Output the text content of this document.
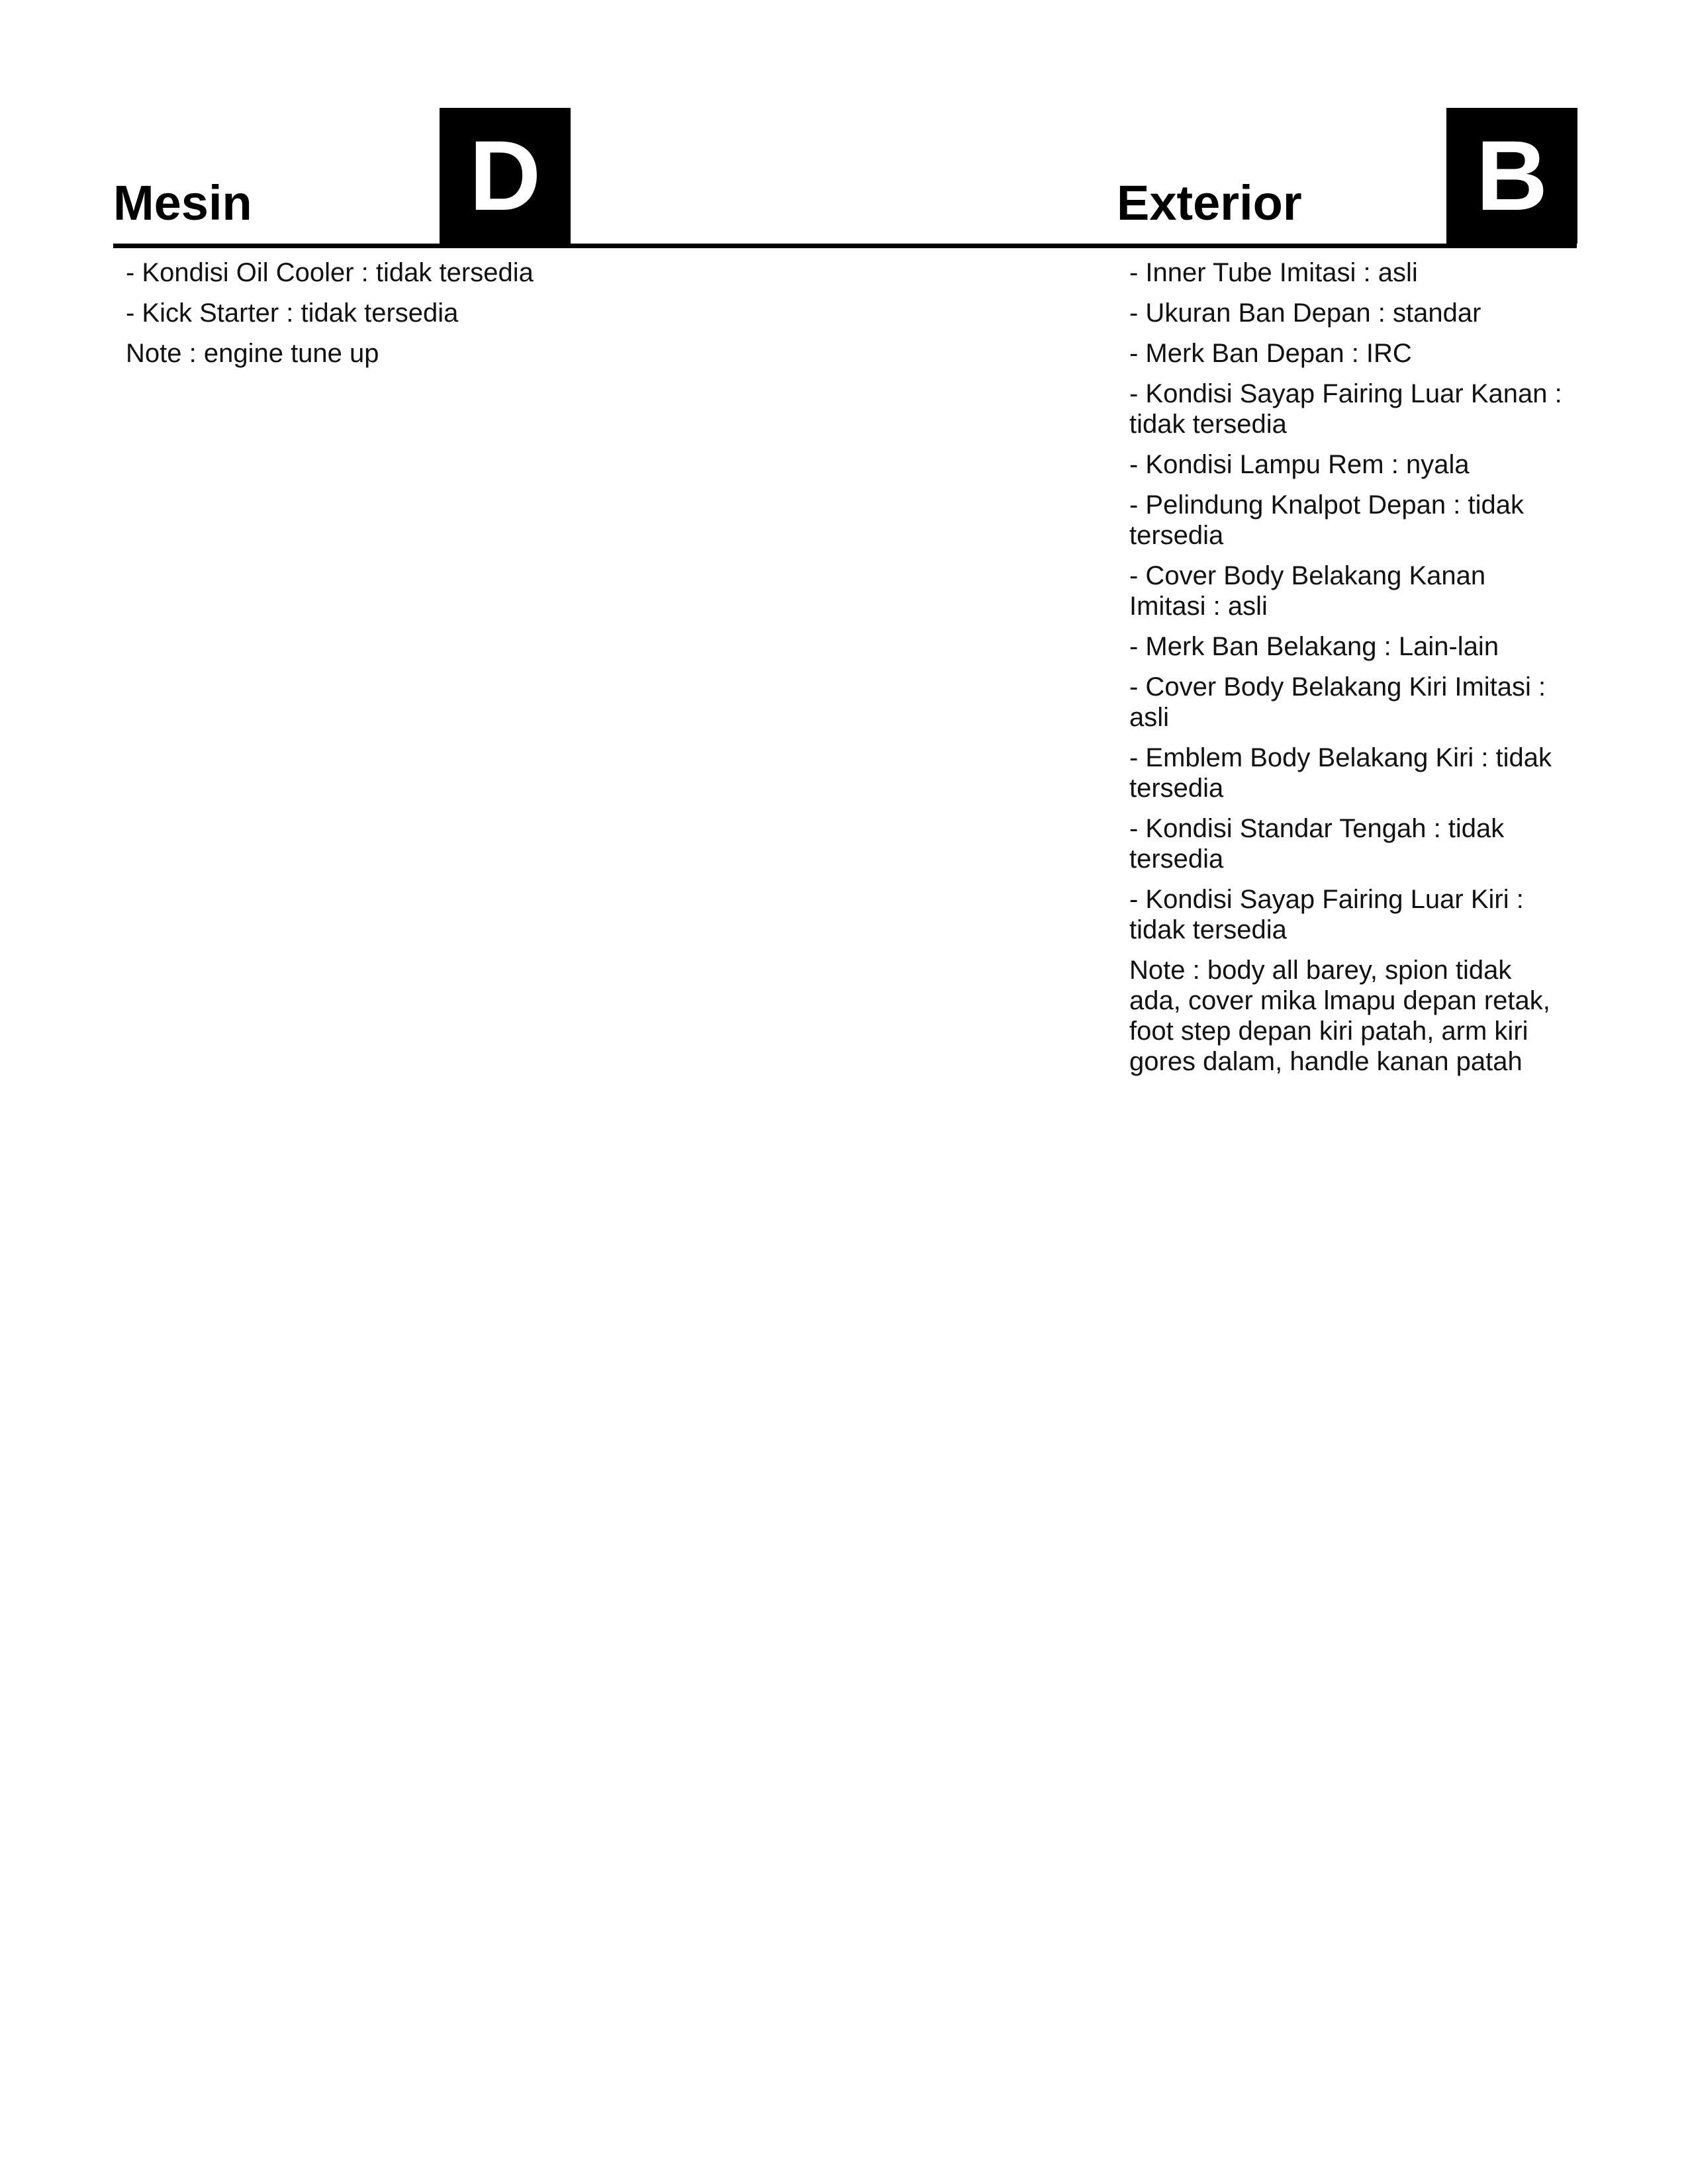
Mesin D	Exterior B
- Kondisi Oil Cooler : tidak tersedia
- Kick Starter : tidak tersedia
Note : engine tune up
- Inner Tube Imitasi : asli
- Ukuran Ban Depan : standar
- Merk Ban Depan : IRC
- Kondisi Sayap Fairing Luar Kanan : tidak tersedia
- Kondisi Lampu Rem : nyala
- Pelindung Knalpot Depan : tidak tersedia
- Cover Body Belakang Kanan Imitasi : asli
- Merk Ban Belakang : Lain-lain
- Cover Body Belakang Kiri Imitasi : asli
- Emblem Body Belakang Kiri : tidak tersedia
- Kondisi Standar Tengah : tidak tersedia
- Kondisi Sayap Fairing Luar Kiri : tidak tersedia
Note : body all barey, spion tidak ada, cover mika lmapu depan retak, foot step depan kiri patah, arm kiri gores dalam, handle kanan patah
